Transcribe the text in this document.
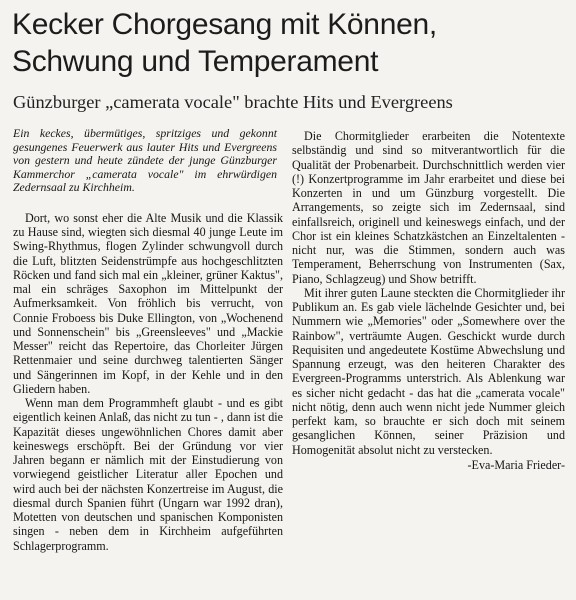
Kecker Chorgesang mit Können,
Schwung und Temperament
Günzburger „camerata vocale" brachte Hits und Evergreens
Ein keckes, übermütiges, spritziges und gekonnt gesungenes Feuerwerk aus lauter Hits und Evergreens von gestern und heute zündete der junge Günzburger Kammerchor „camerata vocale" im ehrwürdigen Zedernsaal zu Kirchheim.

Dort, wo sonst eher die Alte Musik und die Klassik zu Hause sind, wiegten sich diesmal 40 junge Leute im Swing-Rhythmus, flogen Zylinder schwungvoll durch die Luft, blitzten Seidenstrümpfe aus hochgeschlitzten Röcken und fand sich mal ein „kleiner, grüner Kaktus", mal ein schräges Saxophon im Mittelpunkt der Aufmerksamkeit. Von fröhlich bis verrucht, von Connie Froboess bis Duke Ellington, von „Wochenend und Sonnenschein" bis „Greensleeves" und „Mackie Messer" reicht das Repertoire, das Chorleiter Jürgen Rettenmaier und seine durchweg talentierten Sänger und Sängerinnen im Kopf, in der Kehle und in den Gliedern haben.

Wenn man dem Programmheft glaubt - und es gibt eigentlich keinen Anlaß, das nicht zu tun - , dann ist die Kapazität dieses ungewöhnlichen Chores damit aber keineswegs erschöpft. Bei der Gründung vor vier Jahren begann er nämlich mit der Einstudierung von vorwiegend geistlicher Literatur aller Epochen und wird auch bei der nächsten Konzertreise im August, die diesmal durch Spanien führt (Ungarn war 1992 dran), Motetten von deutschen und spanischen Komponisten singen - neben dem in Kirchheim aufgeführten Schlagerprogramm.

Die Chormitglieder erarbeiten die Notentexte selbständig und sind so mitverantwortlich für die Qualität der Probenarbeit. Durchschnittlich werden vier (!) Konzertprogramme im Jahr erarbeitet und diese bei Konzerten in und um Günzburg vorgestellt. Die Arrangements, so zeigte sich im Zedernsaal, sind einfallsreich, originell und keineswegs einfach, und der Chor ist ein kleines Schatzkästchen an Einzeltalenten - nicht nur, was die Stimmen, sondern auch was Temperament, Beherrschung von Instrumenten (Sax, Piano, Schlagzeug) und Show betrifft.

Mit ihrer guten Laune steckten die Chormitglieder ihr Publikum an. Es gab viele lächelnde Gesichter und, bei Nummern wie „Memories" oder „Somewhere over the Rainbow", verträumte Augen. Geschickt wurde durch Requisiten und angedeutete Kostüme Abwechslung und Spannung erzeugt, was den heiteren Charakter des Evergreen-Programms unterstrich. Als Ablenkung war es sicher nicht gedacht - das hat die „camerata vocale" nicht nötig, denn auch wenn nicht jede Nummer gleich perfekt kam, so brauchte er sich doch mit seinem gesanglichen Können, seiner Präzision und Homogenität absolut nicht zu verstecken.

-Eva-Maria Frieder-
